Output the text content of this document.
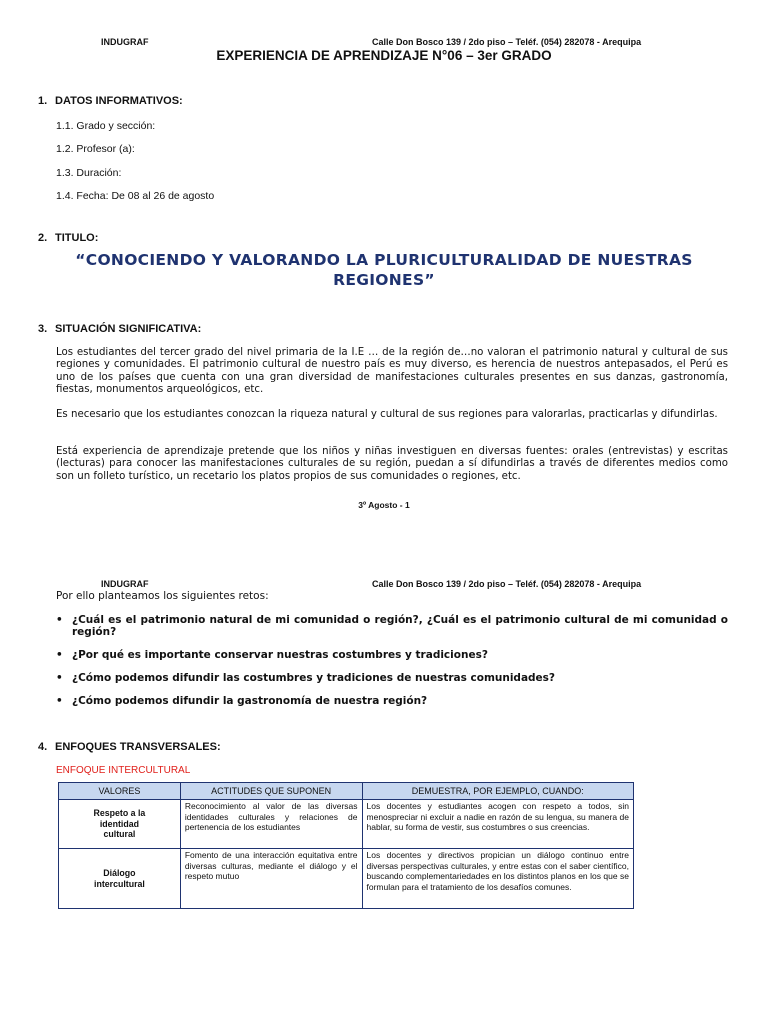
INDUGRAF	Calle Don Bosco 139 / 2do piso – Teléf. (054) 282078 - Arequipa
EXPERIENCIA DE APRENDIZAJE N°06 – 3er GRADO
1. DATOS INFORMATIVOS:
1.1. Grado y sección:
1.2. Profesor (a):
1.3. Duración:
1.4. Fecha: De 08 al 26 de agosto
2. TITULO:
“CONOCIENDO Y VALORANDO LA PLURICULTURALIDAD DE NUESTRAS
REGIONES”
3. SITUACIÓN SIGNIFICATIVA:
Los estudiantes del tercer grado del nivel primaria de la I.E … de la región de…no valoran el patrimonio natural y cultural de sus regiones y comunidades. El patrimonio cultural de nuestro país es muy diverso, es herencia de nuestros antepasados, el Perú es uno de los países que cuenta con una gran diversidad de manifestaciones culturales presentes en sus danzas, gastronomía, fiestas, monumentos arqueológicos, etc.
Es necesario que los estudiantes conozcan la riqueza natural y cultural de sus regiones para valorarlas, practicarlas y difundirlas.
Está experiencia de aprendizaje pretende que los niños y niñas investiguen en diversas fuentes: orales (entrevistas) y escritas (lecturas) para conocer las manifestaciones culturales de su región, puedan a sí difundirlas a través de diferentes medios como son un folleto turístico, un recetario los platos propios de sus comunidades o regiones, etc.
3º Agosto - 1
INDUGRAF	Calle Don Bosco 139 / 2do piso – Teléf. (054) 282078 - Arequipa
Por ello planteamos los siguientes retos:
• ¿Cuál es el patrimonio natural de mi comunidad o región?, ¿Cuál es el patrimonio cultural de mi comunidad o región?
• ¿Por qué es importante conservar nuestras costumbres y tradiciones?
• ¿Cómo podemos difundir las costumbres y tradiciones de nuestras comunidades?
• ¿Cómo podemos difundir la gastronomía de nuestra región?
4. ENFOQUES TRANSVERSALES:
ENFOQUE INTERCULTURAL
VALORES	ACTITUDES QUE SUPONEN	DEMUESTRA, POR EJEMPLO, CUANDO:

Respeto a la identidad cultural	Reconocimiento al valor de las diversas identidades culturales y relaciones de pertenencia de los estudiantes	Los docentes y estudiantes acogen con respeto a todos, sin menospreciar ni excluir a nadie en razón de su lengua, su manera de hablar, su forma de vestir, sus costumbres o sus creencias.

Diálogo intercultural	Fomento de una interacción equitativa entre diversas culturas, mediante el diálogo y el respeto mutuo	Los docentes y directivos propician un diálogo continuo entre diversas perspectivas culturales, y entre estas con el saber científico, buscando complementariedades en los distintos planos en los que se formulan para el tratamiento de los desafíos comunes.
